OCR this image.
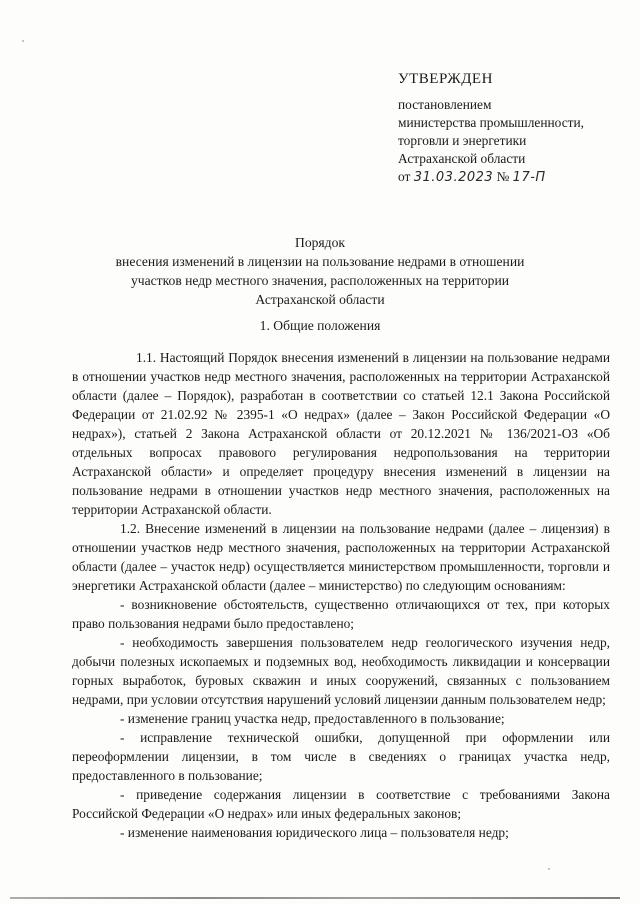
УТВЕРЖДЕН
постановлением
министерства промышленности,
торговли и энергетики
Астраханской области
от 31.03.2023 № 17-П
Порядок
внесения изменений в лицензии на пользование недрами в отношении участков недр местного значения, расположенных на территории Астраханской области
1. Общие положения

1.1. Настоящий Порядок внесения изменений в лицензии на пользование недрами в отношении участков недр местного значения, расположенных на территории Астраханской области (далее – Порядок), разработан в соответствии со статьей 12.1 Закона Российской Федерации от 21.02.92 № 2395-1 «О недрах» (далее – Закон Российской Федерации «О недрах»), статьей 2 Закона Астраханской области от 20.12.2021 № 136/2021-ОЗ «Об отдельных вопросах правового регулирования недропользования на территории Астраханской области» и определяет процедуру внесения изменений в лицензии на пользование недрами в отношении участков недр местного значения, расположенных на территории Астраханской области.

1.2. Внесение изменений в лицензии на пользование недрами (далее – лицензия) в отношении участков недр местного значения, расположенных на территории Астраханской области (далее – участок недр) осуществляется министерством промышленности, торговли и энергетики Астраханской области (далее – министерство) по следующим основаниям:

- возникновение обстоятельств, существенно отличающихся от тех, при которых право пользования недрами было предоставлено;

- необходимость завершения пользователем недр геологического изучения недр, добычи полезных ископаемых и подземных вод, необходимость ликвидации и консервации горных выработок, буровых скважин и иных сооружений, связанных с пользованием недрами, при условии отсутствия нарушений условий лицензии данным пользователем недр;

- изменение границ участка недр, предоставленного в пользование;

- исправление технической ошибки, допущенной при оформлении или переоформлении лицензии, в том числе в сведениях о границах участка недр, предоставленного в пользование;

- приведение содержания лицензии в соответствие с требованиями Закона Российской Федерации «О недрах» или иных федеральных законов;

- изменение наименования юридического лица – пользователя недр;
